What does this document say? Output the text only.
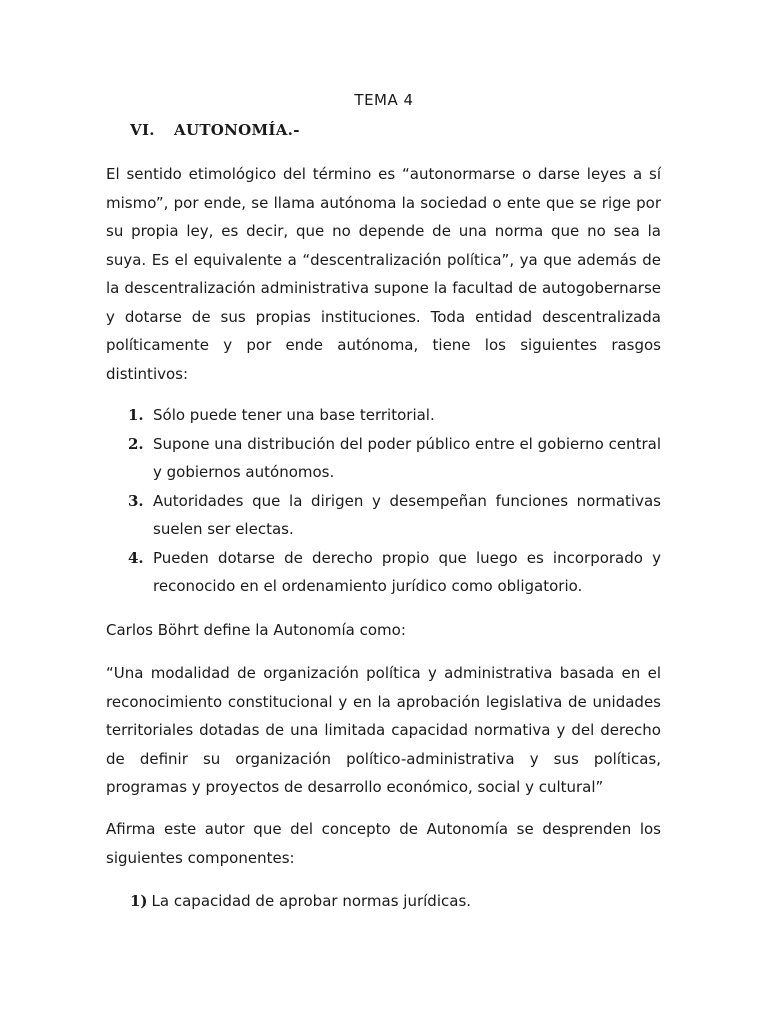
TEMA 4
VI. AUTONOMÍA.-
El sentido etimológico del término es “autonormarse o darse leyes a sí mismo”, por ende, se llama autónoma la sociedad o ente que se rige por su propia ley, es decir, que no depende de una norma que no sea la suya. Es el equivalente a “descentralización política”, ya que además de la descentralización administrativa supone la facultad de autogobernarse y dotarse de sus propias instituciones. Toda entidad descentralizada políticamente y por ende autónoma, tiene los siguientes rasgos distintivos:
1. Sólo puede tener una base territorial.
2. Supone una distribución del poder público entre el gobierno central y gobiernos autónomos.
3. Autoridades que la dirigen y desempeñan funciones normativas suelen ser electas.
4. Pueden dotarse de derecho propio que luego es incorporado y reconocido en el ordenamiento jurídico como obligatorio.
Carlos Böhrt define la Autonomía como:
“Una modalidad de organización política y administrativa basada en el reconocimiento constitucional y en la aprobación legislativa de unidades territoriales dotadas de una limitada capacidad normativa y del derecho de definir su organización político-administrativa y sus políticas, programas y proyectos de desarrollo económico, social y cultural”
Afirma este autor que del concepto de Autonomía se desprenden los siguientes componentes:
1) La capacidad de aprobar normas jurídicas.
